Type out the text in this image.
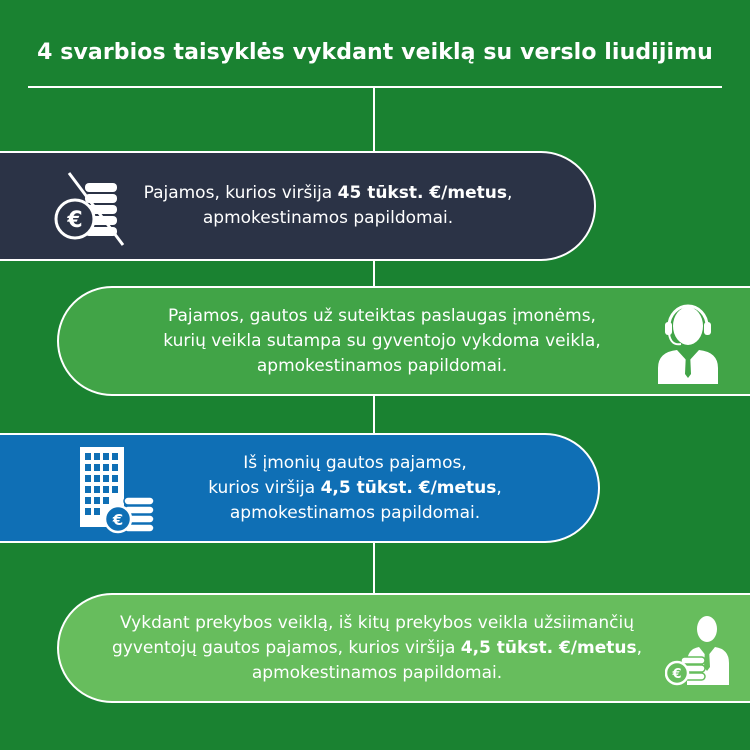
4 svarbios taisyklės vykdant veiklą su verslo liudijimu
€
Pajamos, kurios viršija 45 tūkst. €/metus,
apmokestinamos papildomai.
Pajamos, gautos už suteiktas paslaugas įmonėms,
kurių veikla sutampa su gyventojo vykdoma veikla,
apmokestinamos papildomai.
€
Iš įmonių gautos pajamos,
kurios viršija 4,5 tūkst. €/metus,
apmokestinamos papildomai.
Vykdant prekybos veiklą, iš kitų prekybos veikla užsiimančių
gyventojų gautos pajamos, kurios viršija 4,5 tūkst. €/metus,
apmokestinamos papildomai.	€
